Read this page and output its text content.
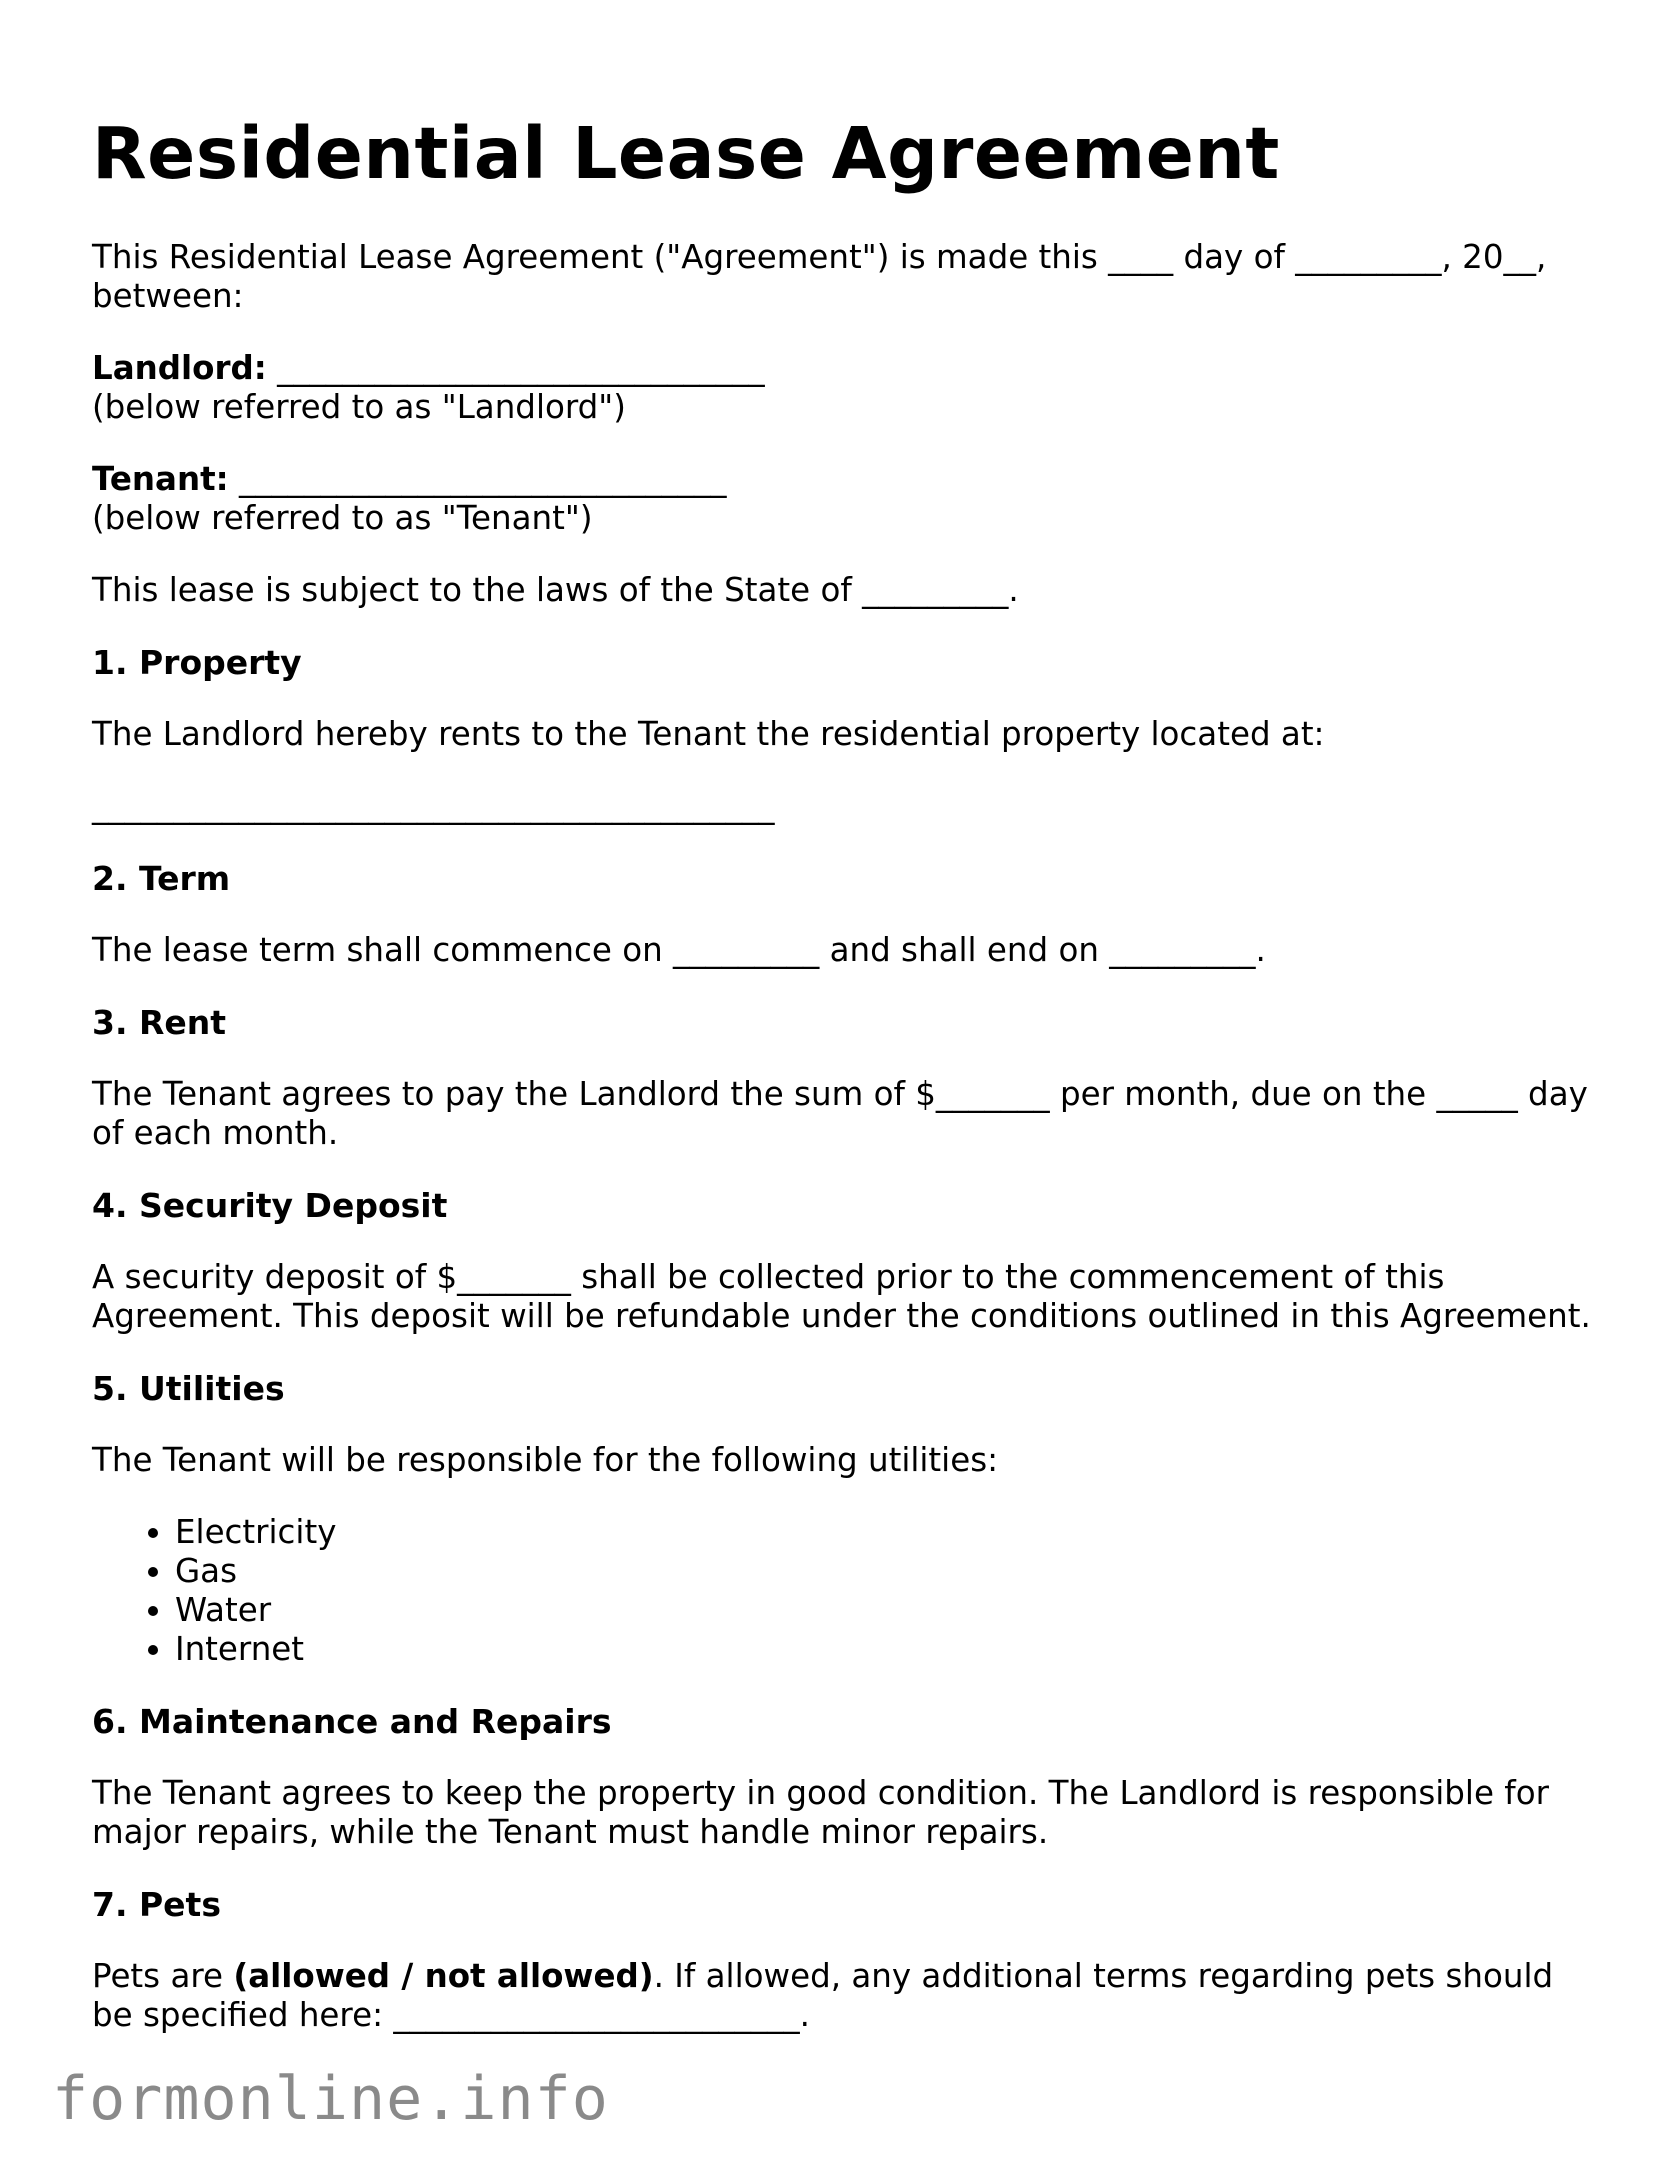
Residential Lease Agreement

This Residential Lease Agreement ("Agreement") is made this ____ day of _________, 20__, between:

Landlord: ______________________________
(below referred to as "Landlord")

Tenant: ______________________________
(below referred to as "Tenant")

This lease is subject to the laws of the State of _________.

1. Property

The Landlord hereby rents to the Tenant the residential property located at:

__________________________________________
2. Term

The lease term shall commence on _________ and shall end on _________.

3. Rent

The Tenant agrees to pay the Landlord the sum of $_______ per month, due on the _____ day of each month.

4. Security Deposit

A security deposit of $_______ shall be collected prior to the commencement of this Agreement. This deposit will be refundable under the conditions outlined in this Agreement.

5. Utilities

The Tenant will be responsible for the following utilities:

• Electricity
• Gas
• Water
• Internet
6. Maintenance and Repairs

The Tenant agrees to keep the property in good condition. The Landlord is responsible for major repairs, while the Tenant must handle minor repairs.

7. Pets

Pets are (allowed / not allowed). If allowed, any additional terms regarding pets should be specified here: _________________________.

formonline.info
